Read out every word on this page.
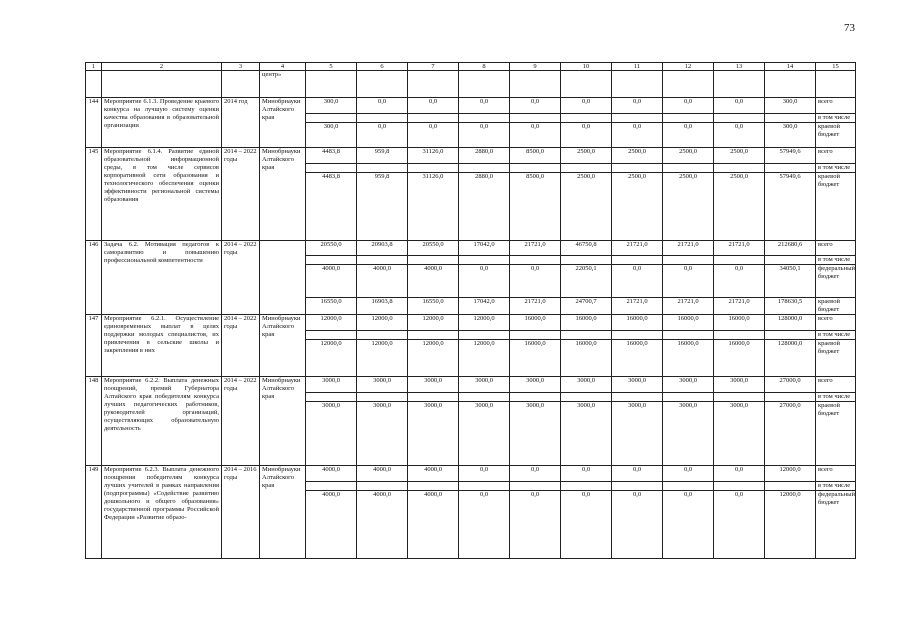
73
1	2	3	4	5	6	7	8	9	10	11	12	13	14	15
			центр»											
144	Мероприятие 6.1.3. Проведение краевого конкурса на лучшую систему оценки качества образования в образовательной организации	2014 год	Минобрнауки Алтайского края	300,0	0,0	0,0	0,0	0,0	0,0	0,0	0,0	0,0	300,0	всего
														в том числе
				300,0	0,0	0,0	0,0	0,0	0,0	0,0	0,0	0,0	300,0	краевой бюджет
145	Мероприятие 6.1.4. Развитие единой образовательной информационной среды, в том числе сервисов корпоративной сети образования и технологического обеспечения оценки эффективности региональной системы образования	2014 – 2022 годы	Минобрнауки Алтайского края	4483,8	959,8	31126,0	2880,0	8500,0	2500,0	2500,0	2500,0	2500,0	57949,6	всего
														в том числе
				4483,8	959,8	31126,0	2880,0	8500,0	2500,0	2500,0	2500,0	2500,0	57949,6	краевой бюджет
146	Задача 6.2. Мотивация педагогов к саморазвитию и повышению профессиональной компетентности	2014 – 2022 годы		20550,0	20903,8	20550,0	17042,0	21721,0	46750,8	21721,0	21721,0	21721,0	212680,6	всего
														в том числе
				4000,0	4000,0	4000,0	0,0	0,0	22050,1	0,0	0,0	0,0	34050,1	федеральный бюджет
				16550,0	16903,8	16550,0	17042,0	21721,0	24700,7	21721,0	21721,0	21721,0	178630,5	краевой бюджет
147	Мероприятие 6.2.1. Осуществление единовременных выплат в целях поддержки молодых специалистов, их привлечения в сельские школы и закрепления в них	2014 – 2022 годы	Минобрнауки Алтайского края	12000,0	12000,0	12000,0	12000,0	16000,0	16000,0	16000,0	16000,0	16000,0	128000,0	всего
														в том числе
				12000,0	12000,0	12000,0	12000,0	16000,0	16000,0	16000,0	16000,0	16000,0	128000,0	краевой бюджет
148	Мероприятие 6.2.2. Выплата денежных поощрений, премий Губернатора Алтайского края победителям конкурса лучших педагогических работников, руководителей организаций, осуществляющих образовательную деятельность	2014 – 2022 годы	Минобрнауки Алтайского края	3000,0	3000,0	3000,0	3000,0	3000,0	3000,0	3000,0	3000,0	3000,0	27000,0	всего
														в том числе
				3000,0	3000,0	3000,0	3000,0	3000,0	3000,0	3000,0	3000,0	3000,0	27000,0	краевой бюджет
149	Мероприятие 6.2.3. Выплата денежного поощрения победителям конкурса лучших учителей в рамках направления (подпрограммы) «Содействие развитию дошкольного и общего образования» государственной программы Российской Федерации «Развитие образо-	2014 – 2016 годы	Минобрнауки Алтайского края	4000,0	4000,0	4000,0	0,0	0,0	0,0	0,0	0,0	0,0	12000,0	всего
														в том числе
				4000,0	4000,0	4000,0	0,0	0,0	0,0	0,0	0,0	0,0	12000,0	федеральный бюджет
